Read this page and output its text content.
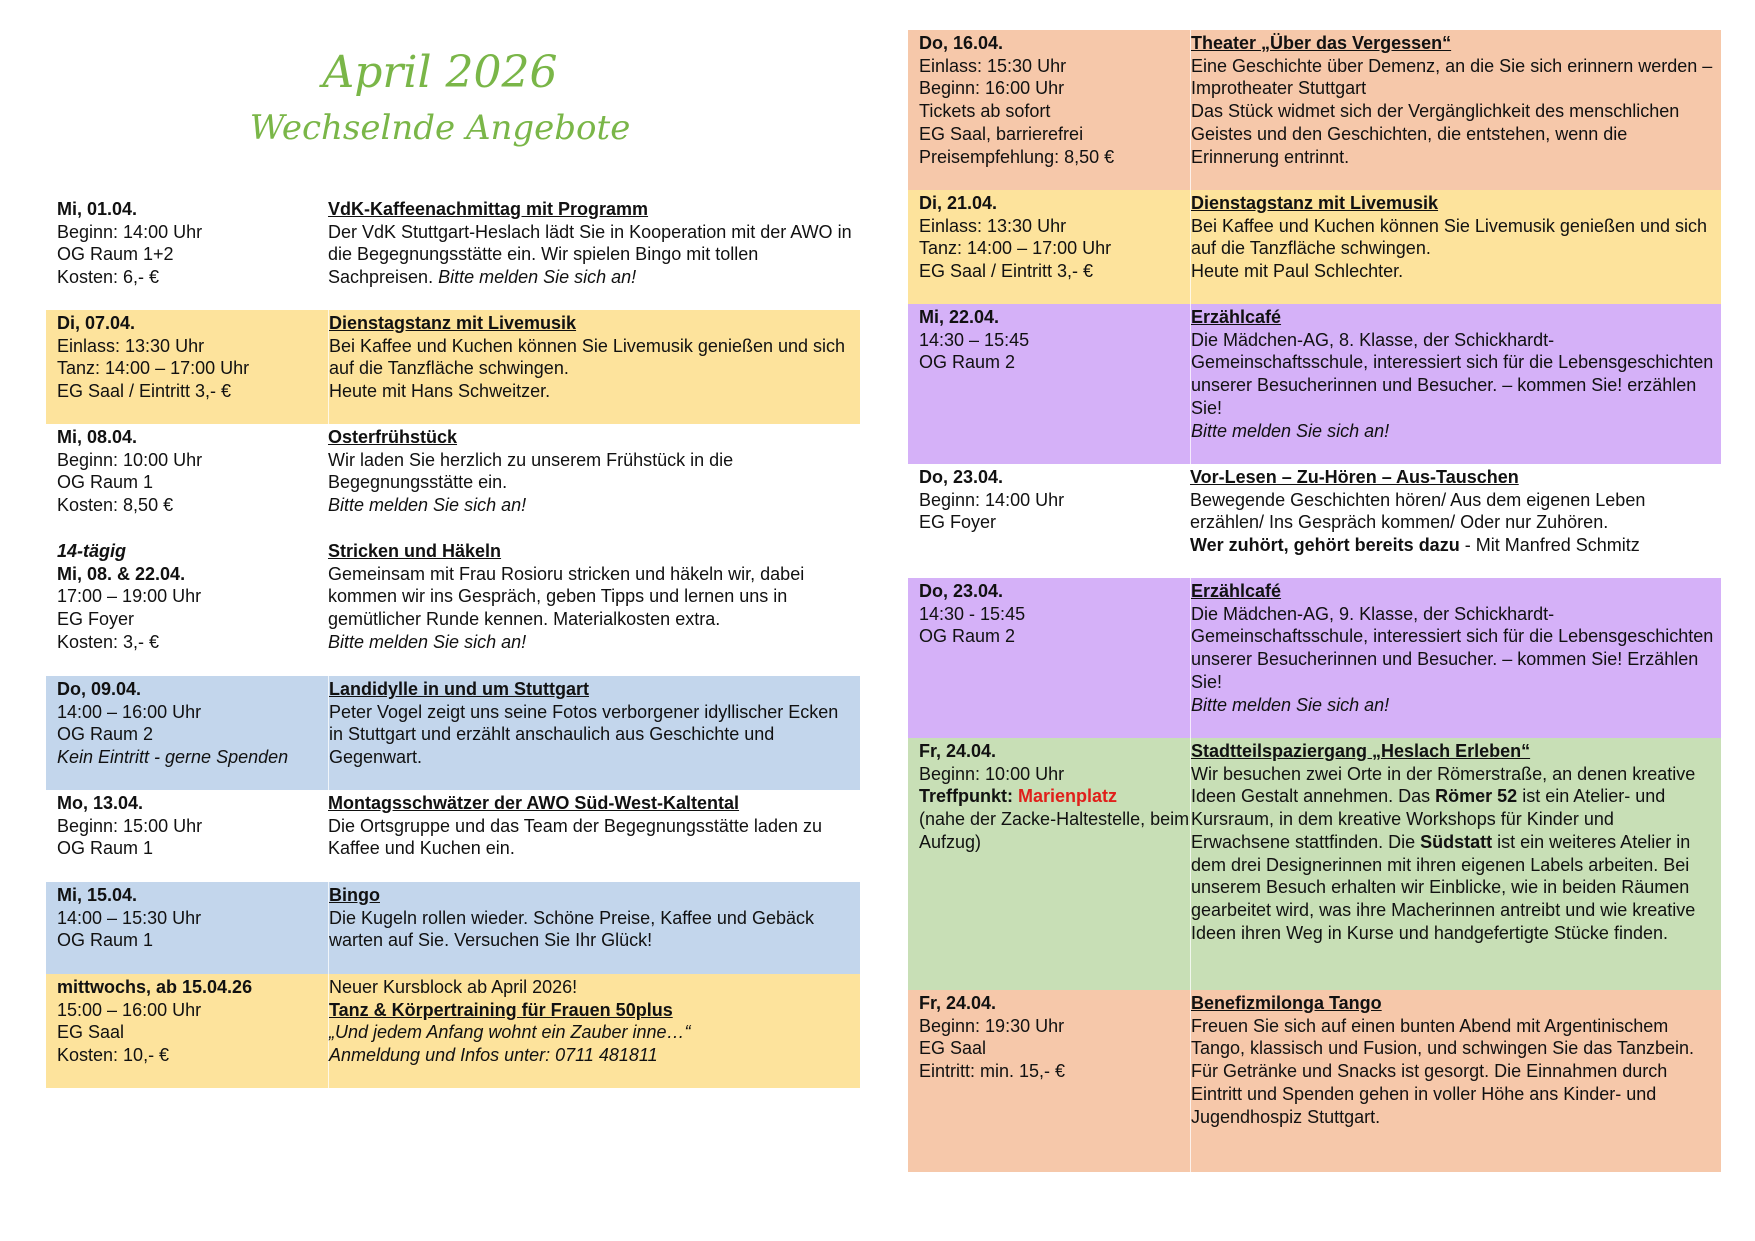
April 2026
Wechselnde Angebote
Mi, 01.04.
Beginn: 14:00 Uhr
OG Raum 1+2
Kosten: 6,- €
VdK-Kaffeenachmittag mit Programm
Der VdK Stuttgart-Heslach lädt Sie in Kooperation mit der AWO in die Begegnungsstätte ein. Wir spielen Bingo mit tollen Sachpreisen. Bitte melden Sie sich an!
Di, 07.04.
Einlass: 13:30 Uhr
Tanz: 14:00 – 17:00 Uhr
EG Saal / Eintritt 3,- €
Dienstagstanz mit Livemusik
Bei Kaffee und Kuchen können Sie Livemusik genießen und sich auf die Tanzfläche schwingen.
Heute mit Hans Schweitzer.
Mi, 08.04.
Beginn: 10:00 Uhr
OG Raum 1
Kosten: 8,50 €
Osterfrühstück
Wir laden Sie herzlich zu unserem Frühstück in die Begegnungsstätte ein.
Bitte melden Sie sich an!
14-tägig
Mi, 08. & 22.04.
17:00 – 19:00 Uhr
EG Foyer
Kosten: 3,- €
Stricken und Häkeln
Gemeinsam mit Frau Rosioru stricken und häkeln wir, dabei kommen wir ins Gespräch, geben Tipps und lernen uns in gemütlicher Runde kennen. Materialkosten extra.
Bitte melden Sie sich an!
Do, 09.04.
14:00 – 16:00 Uhr
OG Raum 2
Kein Eintritt - gerne Spenden
Landidylle in und um Stuttgart
Peter Vogel zeigt uns seine Fotos verborgener idyllischer Ecken in Stuttgart und erzählt anschaulich aus Geschichte und Gegenwart.
Mo, 13.04.
Beginn: 15:00 Uhr
OG Raum 1
Montagsschwätzer der AWO Süd-West-Kaltental
Die Ortsgruppe und das Team der Begegnungsstätte laden zu Kaffee und Kuchen ein.
Mi, 15.04.
14:00 – 15:30 Uhr
OG Raum 1
Bingo
Die Kugeln rollen wieder. Schöne Preise, Kaffee und Gebäck warten auf Sie. Versuchen Sie Ihr Glück!
mittwochs, ab 15.04.26
15:00 – 16:00 Uhr
EG Saal
Kosten: 10,- €
Neuer Kursblock ab April 2026!
Tanz & Körpertraining für Frauen 50plus
„Und jedem Anfang wohnt ein Zauber inne…“
Anmeldung und Infos unter: 0711 481811
Do, 16.04.
Einlass: 15:30 Uhr
Beginn: 16:00 Uhr
Tickets ab sofort
EG Saal, barrierefrei
Preisempfehlung: 8,50 €
Theater „Über das Vergessen“
Eine Geschichte über Demenz, an die Sie sich erinnern werden – Improtheater Stuttgart
Das Stück widmet sich der Vergänglichkeit des menschlichen Geistes und den Geschichten, die entstehen, wenn die Erinnerung entrinnt.
Di, 21.04.
Einlass: 13:30 Uhr
Tanz: 14:00 – 17:00 Uhr
EG Saal / Eintritt 3,- €
Dienstagstanz mit Livemusik
Bei Kaffee und Kuchen können Sie Livemusik genießen und sich auf die Tanzfläche schwingen.
Heute mit Paul Schlechter.
Mi, 22.04.
14:30 – 15:45
OG Raum 2
Erzählcafé
Die Mädchen-AG, 8. Klasse, der Schickhardt-Gemeinschaftsschule, interessiert sich für die Lebensgeschichten unserer Besucherinnen und Besucher. – kommen Sie! erzählen Sie!
Bitte melden Sie sich an!
Do, 23.04.
Beginn: 14:00 Uhr
EG Foyer
Vor-Lesen – Zu-Hören – Aus-Tauschen
Bewegende Geschichten hören/ Aus dem eigenen Leben erzählen/ Ins Gespräch kommen/ Oder nur Zuhören.
Wer zuhört, gehört bereits dazu - Mit Manfred Schmitz
Do, 23.04.
14:30 - 15:45
OG Raum 2
Erzählcafé
Die Mädchen-AG, 9. Klasse, der Schickhardt-Gemeinschaftsschule, interessiert sich für die Lebensgeschichten unserer Besucherinnen und Besucher. – kommen Sie! Erzählen Sie!
Bitte melden Sie sich an!
Fr, 24.04.
Beginn: 10:00 Uhr
Treffpunkt: Marienplatz
(nahe der Zacke-Haltestelle, beim Aufzug)
Stadtteilspaziergang „Heslach Erleben“
Wir besuchen zwei Orte in der Römerstraße, an denen kreative Ideen Gestalt annehmen. Das Römer 52 ist ein Atelier- und Kursraum, in dem kreative Workshops für Kinder und Erwachsene stattfinden. Die Südstatt ist ein weiteres Atelier in dem drei Designerinnen mit ihren eigenen Labels arbeiten. Bei unserem Besuch erhalten wir Einblicke, wie in beiden Räumen gearbeitet wird, was ihre Macherinnen antreibt und wie kreative Ideen ihren Weg in Kurse und handgefertigte Stücke finden.
Fr, 24.04.
Beginn: 19:30 Uhr
EG Saal
Eintritt: min. 15,- €
Benefizmilonga Tango
Freuen Sie sich auf einen bunten Abend mit Argentinischem Tango, klassisch und Fusion, und schwingen Sie das Tanzbein. Für Getränke und Snacks ist gesorgt. Die Einnahmen durch Eintritt und Spenden gehen in voller Höhe ans Kinder- und Jugendhospiz Stuttgart.
